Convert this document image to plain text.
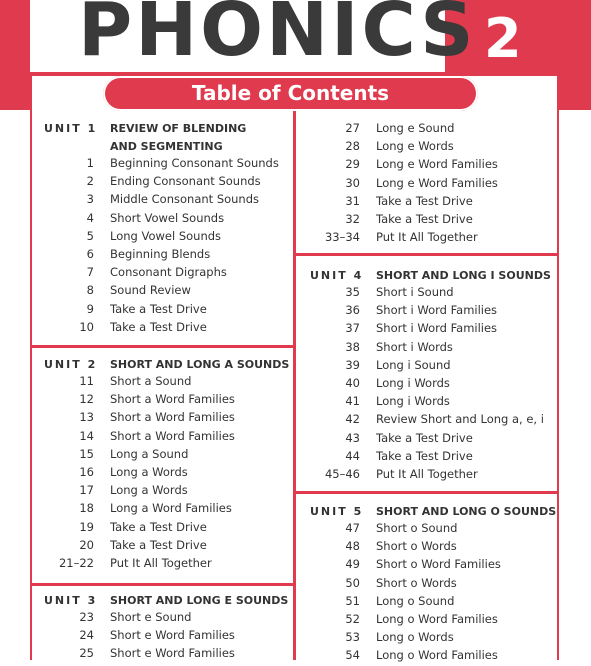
PHONICS 2
Table of Contents
UNIT 1 REVIEW OF BLENDING AND SEGMENTING
1 Beginning Consonant Sounds
2 Ending Consonant Sounds
3 Middle Consonant Sounds
4 Short Vowel Sounds
5 Long Vowel Sounds
6 Beginning Blends
7 Consonant Digraphs
8 Sound Review
9 Take a Test Drive
10 Take a Test Drive
UNIT 2 SHORT AND LONG A SOUNDS
11 Short a Sound
12 Short a Word Families
13 Short a Word Families
14 Short a Word Families
15 Long a Sound
16 Long a Words
17 Long a Words
18 Long a Word Families
19 Take a Test Drive
20 Take a Test Drive
21–22 Put It All Together
UNIT 3 SHORT AND LONG E SOUNDS
23 Short e Sound
24 Short e Word Families
25 Short e Word Families
27 Long e Sound
28 Long e Words
29 Long e Word Families
30 Long e Word Families
31 Take a Test Drive
32 Take a Test Drive
33–34 Put It All Together
UNIT 4 SHORT AND LONG I SOUNDS
35 Short i Sound
36 Short i Word Families
37 Short i Word Families
38 Short i Words
39 Long i Sound
40 Long i Words
41 Long i Words
42 Review Short and Long a, e, i
43 Take a Test Drive
44 Take a Test Drive
45–46 Put It All Together
UNIT 5 SHORT AND LONG O SOUNDS
47 Short o Sound
48 Short o Words
49 Short o Word Families
50 Short o Words
51 Long o Sound
52 Long o Word Families
53 Long o Words
54 Long o Word Families
